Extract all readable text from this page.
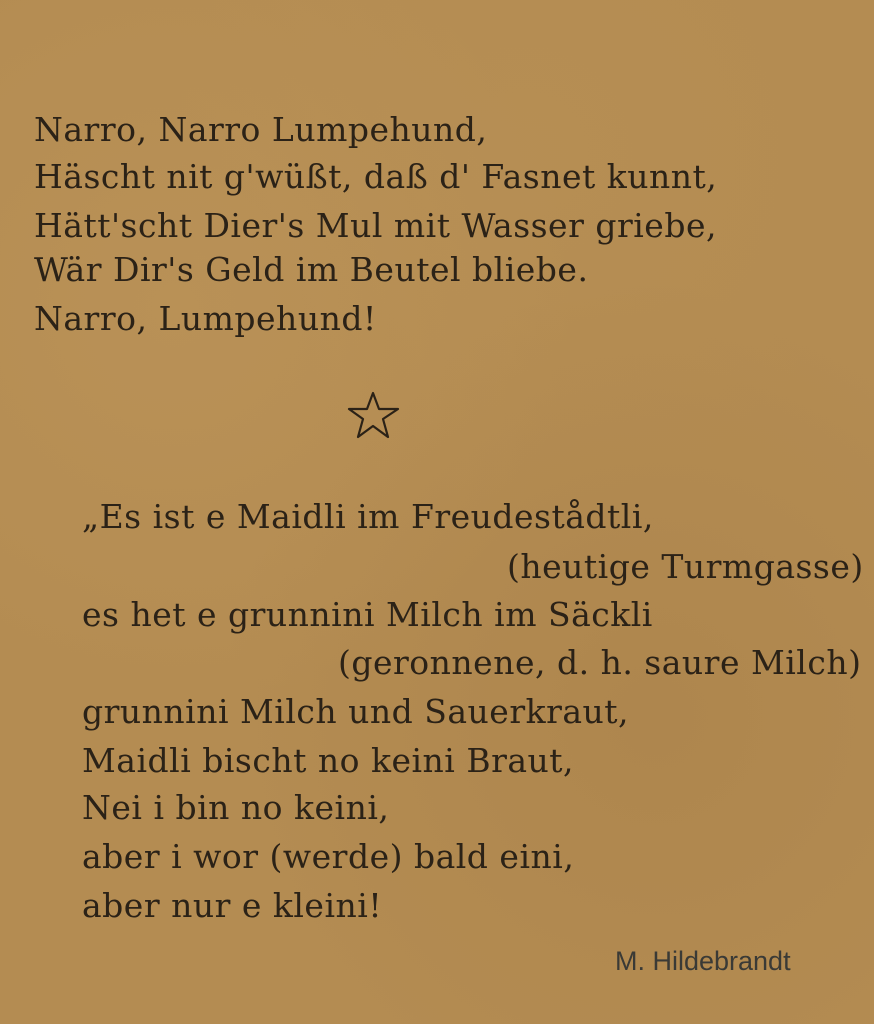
Narro, Narro Lumpehund,
Häscht nit g'wüßt, daß d' Fasnet kunnt,
Hätt'scht Dier's Mul mit Wasser griebe,
Wär Dir's Geld im Beutel bliebe.
Narro, Lumpehund!
„Es ist e Maidli im Freudestådtli,
(heutige Turmgasse)
es het e grunnini Milch im Säckli
(geronnene, d. h. saure Milch)
grunnini Milch und Sauerkraut,
Maidli bischt no keini Braut,
Nei i bin no keini,
aber i wor (werde) bald eini,
aber nur e kleini!
M. Hildebrandt
